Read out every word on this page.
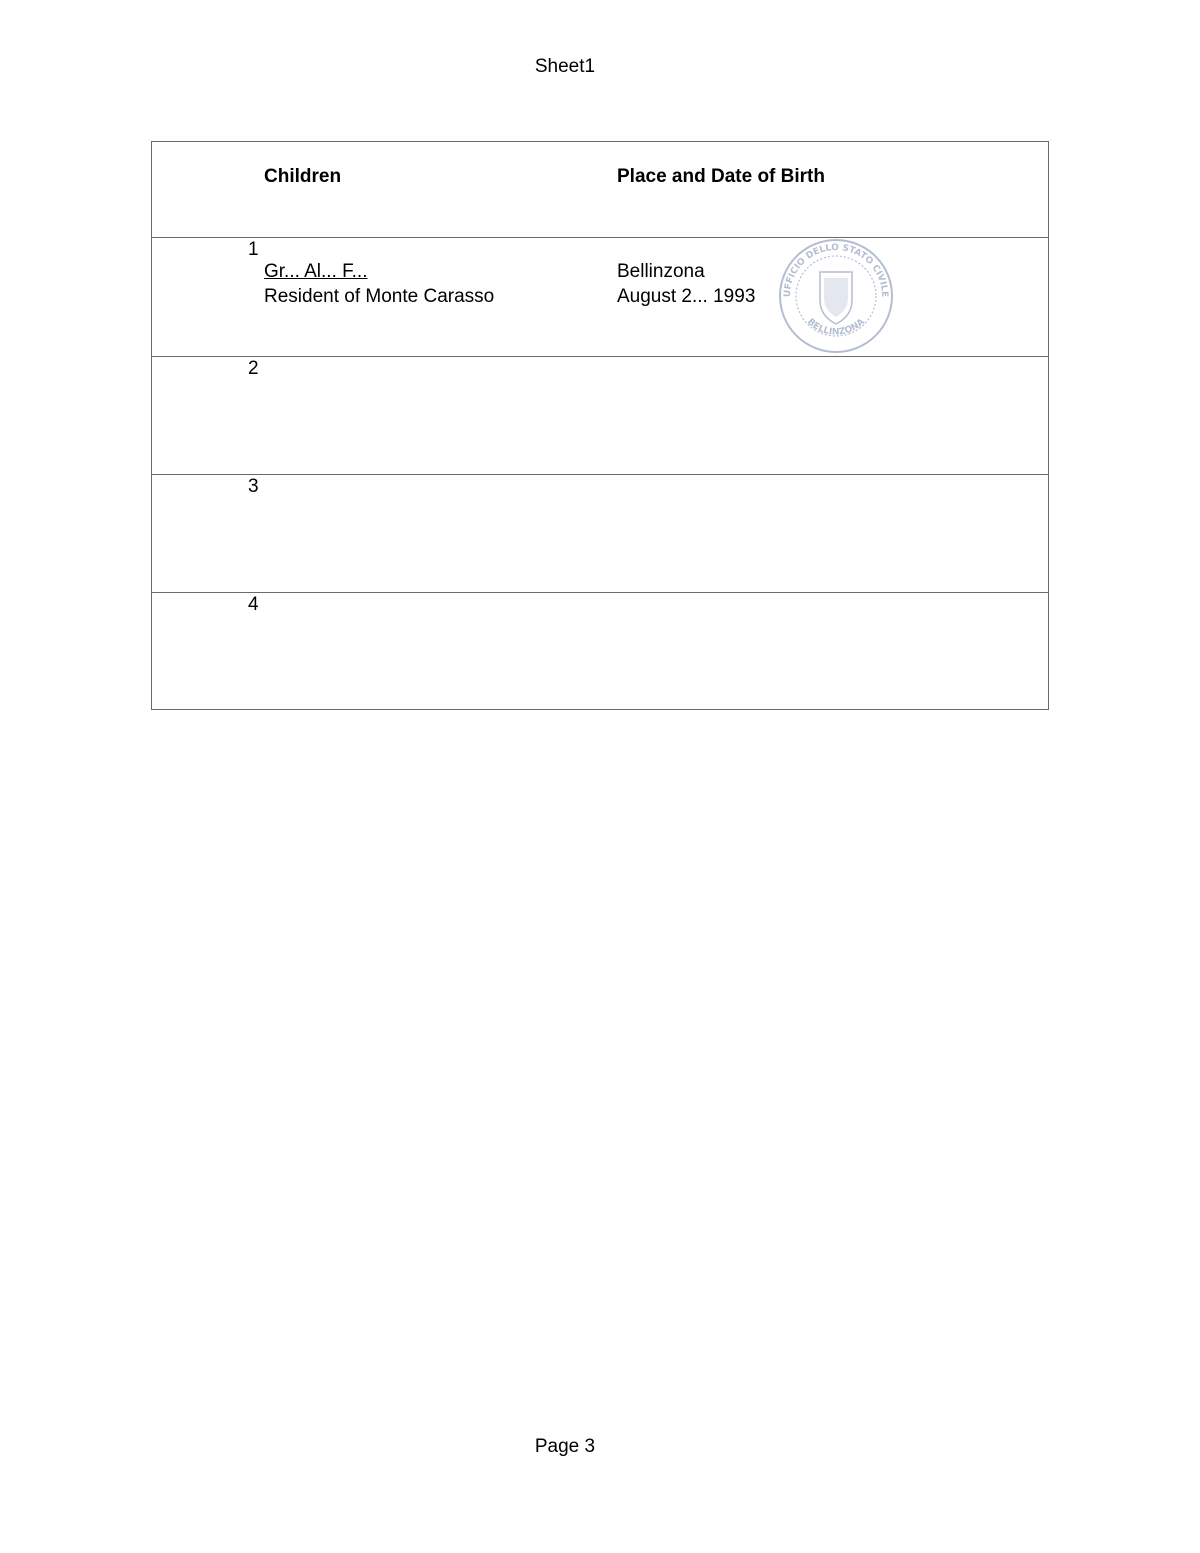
Sheet1
Children	Place and Date of Birth
1
Gr... Al... F...
Resident of Monte Carasso
Bellinzona
August 2... 1993
2
3
4
UFFICIO DELLO STATO CIVILE
BELLINZONA
Page 3
